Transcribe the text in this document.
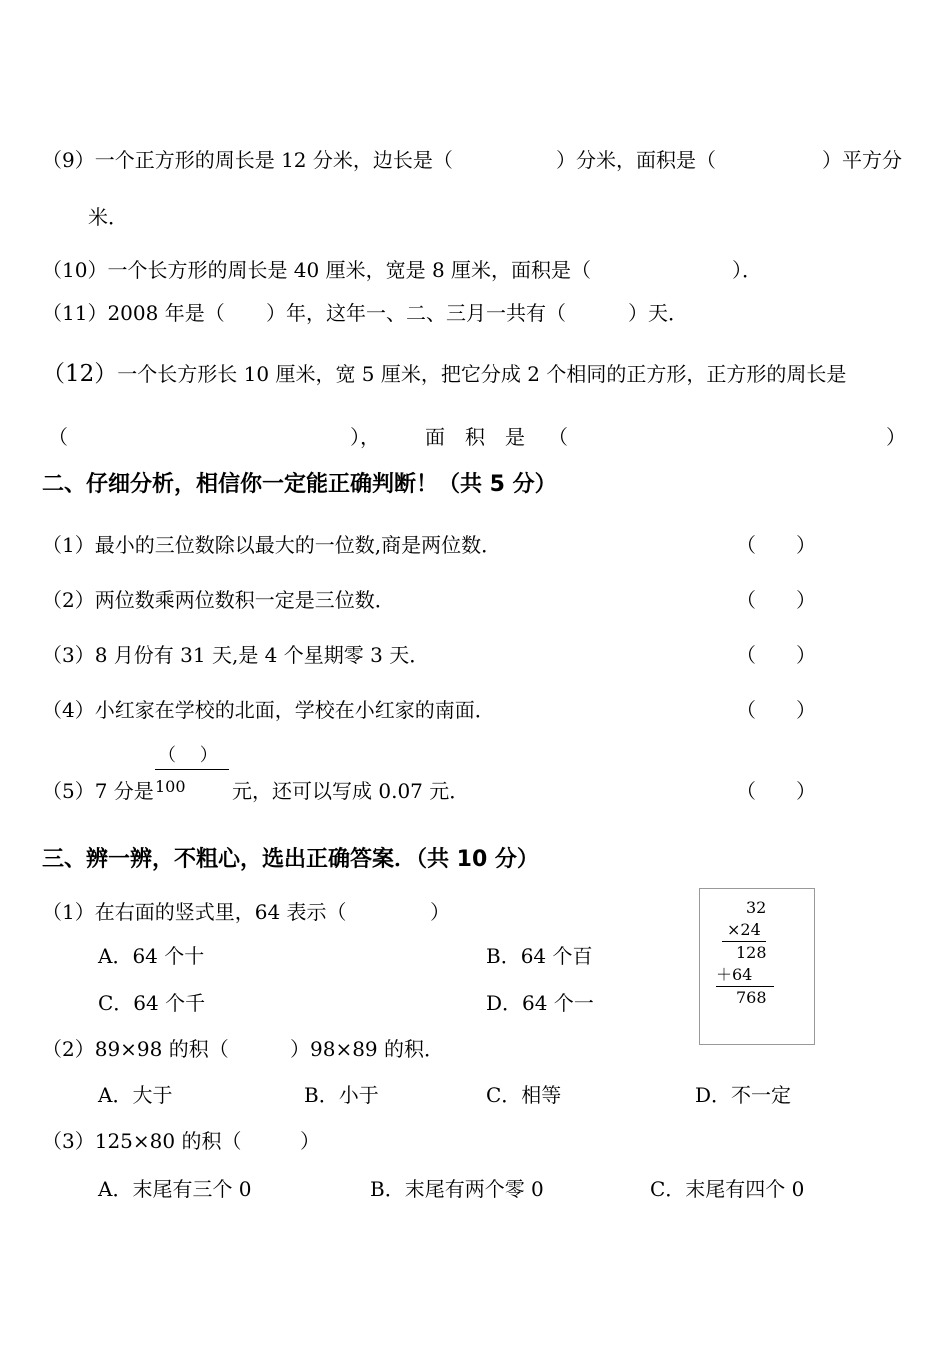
（9）一个正方形的周长是 12 分米，边长是（	）分米，面积是（	）平方分
米．
（10）一个长方形的周长是 40 厘米，宽是 8 厘米，面积是（	）．
（11）2008 年是（ ）年，这年一、二、三月一共有（	）天．
（12）一个长方形长 10 厘米，宽 5 厘米，把它分成 2 个相同的正方形，正方形的周长是
（	）， 面　积　是 （	）
二、仔细分析，相信你一定能正确判断！（共 5 分）
（1）最小的三位数除以最大的一位数,商是两位数．	（　　）
（2）两位数乘两位数积一定是三位数．	（　　）
（3）8 月份有 31 天,是 4 个星期零 3 天．	（　　）
（4）小红家在学校的北面，学校在小红家的南面．	（　　）
（　 ）
（5）7 分是 100 元，还可以写成 0.07 元．	（　　）
三、辨一辨，不粗心，选出正确答案．（共 10 分）
（1）在右面的竖式里，64 表示（	）
A．64 个十	B．64 个百
C．64 个千	D．64 个一
32
×24
128
＋64
768
（2）89×98 的积（	）98×89 的积．
A．大于	B．小于	C．相等	D．不一定
（3）125×80 的积（	）
A．末尾有三个 0	B．末尾有两个零 0	C．末尾有四个 0
